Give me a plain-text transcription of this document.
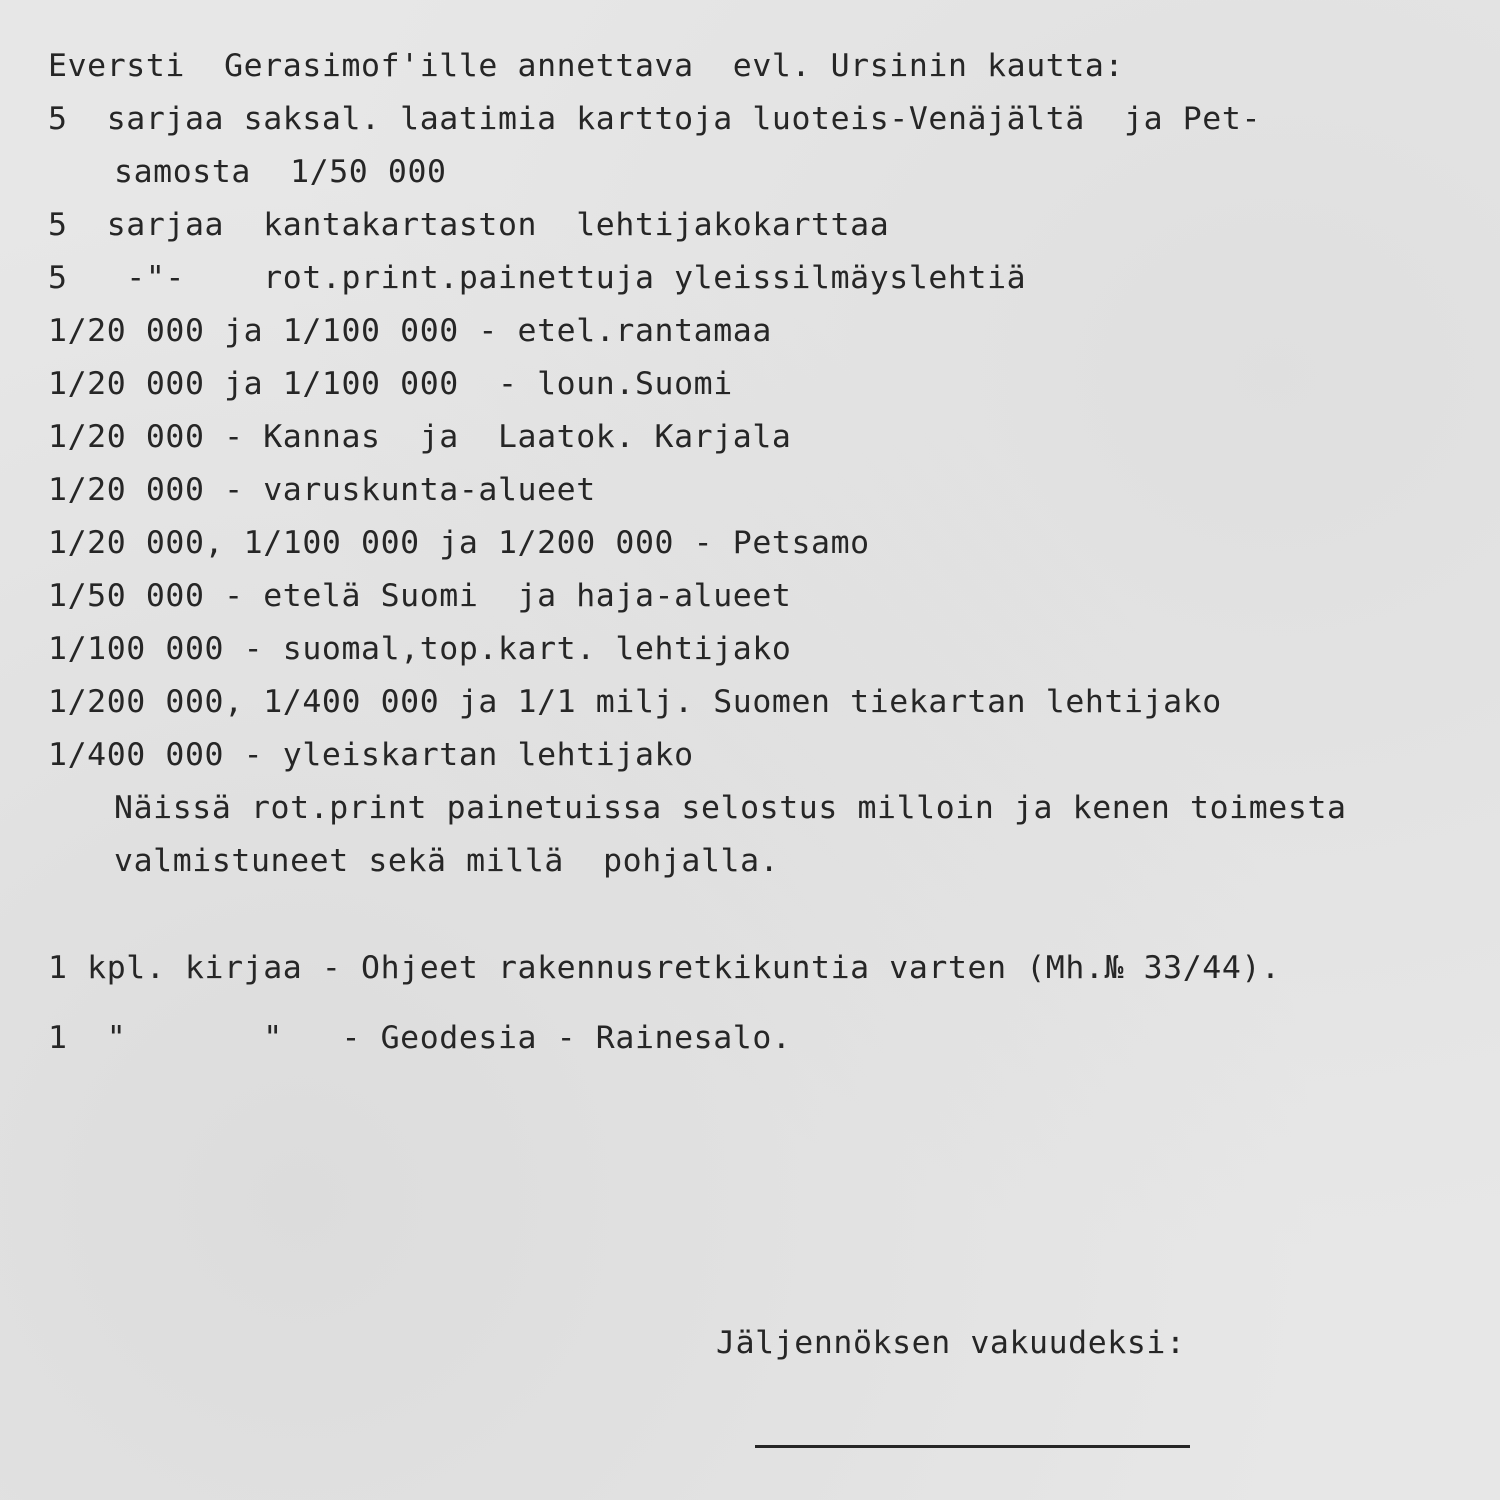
Eversti  Gerasimof'ille annettava  evl. Ursinin kautta:
5  sarjaa saksal. laatimia karttoja luoteis-Venäjältä  ja Pet-
samosta  1/50 000
5  sarjaa  kantakartaston  lehtijakokarttaa
5   -"-    rot.print.painettuja yleissilmäyslehtiä
1/20 000 ja 1/100 000 - etel.rantamaa
1/20 000 ja 1/100 000  - loun.Suomi
1/20 000 - Kannas  ja  Laatok. Karjala
1/20 000 - varuskunta-alueet
1/20 000, 1/100 000 ja 1/200 000 - Petsamo
1/50 000 - etelä Suomi  ja haja-alueet
1/100 000 - suomal,top.kart. lehtijako
1/200 000, 1/400 000 ja 1/1 milj. Suomen tiekartan lehtijako
1/400 000 - yleiskartan lehtijako
Näissä rot.print painetuissa selostus milloin ja kenen toimesta
valmistuneet sekä millä  pohjalla.
1 kpl. kirjaa - Ohjeet rakennusretkikuntia varten (Mh.№ 33/44).
1  "       "   - Geodesia - Rainesalo.
Jäljennöksen vakuudeksi:
